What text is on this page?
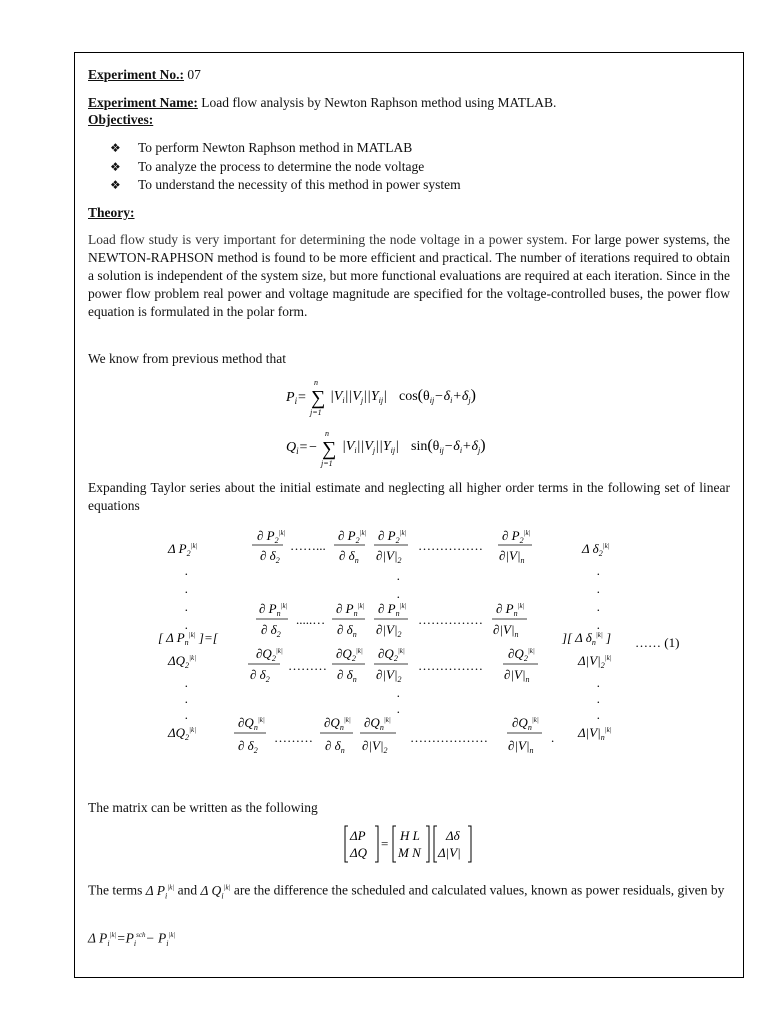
Experiment No.: 07
Experiment Name: Load flow analysis by Newton Raphson method using MATLAB.
Objectives:
❖ To perform Newton Raphson method in MATLAB
❖ To analyze the process to determine the node voltage
❖ To understand the necessity of this method in power system
Theory:
Load flow study is very important for determining the node voltage in a power system. For large power systems, the NEWTON-RAPHSON method is found to be more efficient and practical. The number of iterations required to obtain a solution is independent of the system size, but more functional evaluations are required at each iteration. Since in the power flow problem real power and voltage magnitude are specified for the voltage-controlled buses, the power flow equation is formulated in the polar form.
We know from previous method that
Expanding Taylor series about the initial estimate and neglecting all higher order terms in the following set of linear equations
The matrix can be written as the following
The terms Δ $P_i^{|k|}$ and Δ $Q_i^{|k|}$ are the difference the scheduled and calculated values, known as power residuals, given by
Δ $P_i^{|k|}=P_i^{sch}- P_i^{|k|}$
$P_i=$ ∑
n
j=1
$|V_i||V_j||Y_{ij}|$ $\cos(\theta_{ij}-\delta_i+\delta_j)$
$Q_i=-$ ∑
n
j=1
$|V_i||V_j||Y_{ij}|$ $\sin(\theta_{ij}-\delta_i+\delta_j)$
Δ $P_2^{|k|}$
.
.
.
.
[ Δ $P_n^{|k|}$ ]=[
$\Delta Q_2^{|k|}$
.
.
.
$\Delta Q_2^{|k|}$
∂ $P_2^{|k|}$
∂ $\delta_2$
……...
∂ $P_2^{|k|}$
∂ $\delta_n$
∂ $P_2^{|k|}$
$\partial|V|_2$
……………
∂ $P_2^{|k|}$
$\partial|V|_n$
Δ $\delta_2^{|k|}$
.
.
.
.
.
.
∂ $P_n^{|k|}$
∂ $\delta_2$
.....…
∂ $P_n^{|k|}$
∂ $\delta_n$
∂ $P_n^{|k|}$
$\partial|V|_2$
……………
∂ $P_n^{|k|}$
$\partial|V|_n$	][ Δ $\delta_n^{|k|}$ ] …… (1)
$\partial Q_2^{|k|}$
∂ $\delta_2$
………
$\partial Q_2^{|k|}$
∂ $\delta_n$
$\partial Q_2^{|k|}$
$\partial|V|_2$
……………
$\partial Q_2^{|k|}$
$\partial|V|_n$
$\Delta|V|_2^{|k|}$
.
.
.
.
.
$\partial Q_n^{|k|}$
∂ $\delta_2$
………
$\partial Q_n^{|k|}$
∂ $\delta_n$
$\partial Q_n^{|k|}$
$\partial|V|_2$
………………
$\partial Q_n^{|k|}$
$\partial|V|_n$
. $\Delta|V|_n^{|k|}$
ΔP
ΔQ
=
H L
M N
Δδ
Δ|V|
